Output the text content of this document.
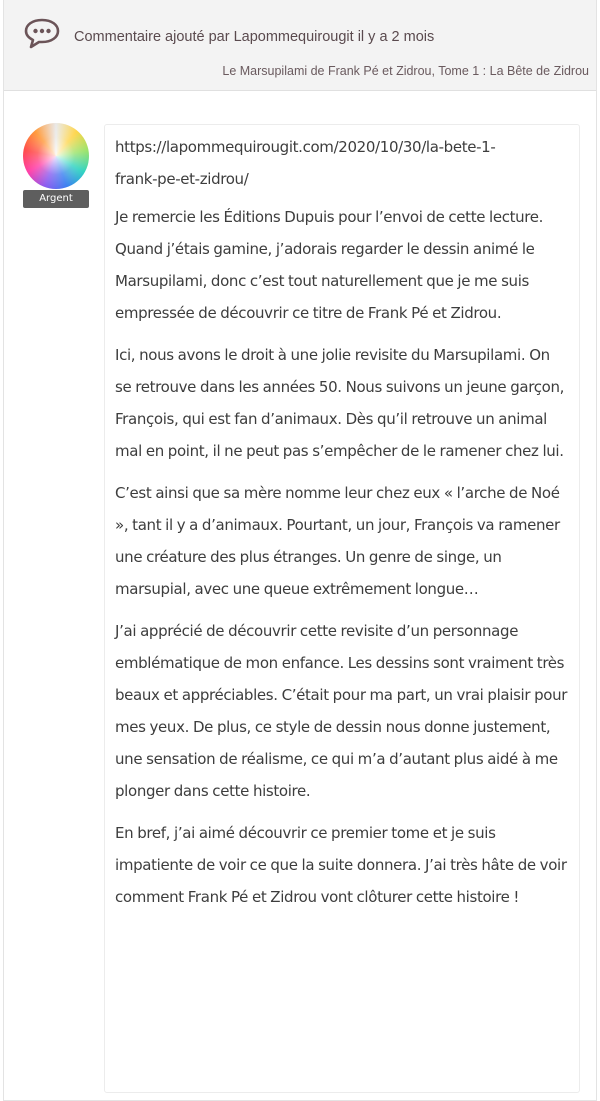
Commentaire ajouté par Lapommequirougit il y a 2 mois
Le Marsupilami de Frank Pé et Zidrou, Tome 1 : La Bête de Zidrou
Argent
https://lapommequirougit.com/2020/10/30/la-bete-1-
frank-pe-et-zidrou/

Je remercie les Éditions Dupuis pour l’envoi de cette lecture. Quand j’étais gamine, j’adorais regarder le dessin animé le Marsupilami, donc c’est tout naturellement que je me suis empressée de découvrir ce titre de Frank Pé et Zidrou.

Ici, nous avons le droit à une jolie revisite du Marsupilami. On se retrouve dans les années 50. Nous suivons un jeune garçon, François, qui est fan d’animaux. Dès qu’il retrouve un animal mal en point, il ne peut pas s’empêcher de le ramener chez lui.

C’est ainsi que sa mère nomme leur chez eux « l’arche de Noé », tant il y a d’animaux. Pourtant, un jour, François va ramener une créature des plus étranges. Un genre de singe, un marsupial, avec une queue extrêmement longue…

J’ai apprécié de découvrir cette revisite d’un personnage emblématique de mon enfance. Les dessins sont vraiment très beaux et appréciables. C’était pour ma part, un vrai plaisir pour mes yeux. De plus, ce style de dessin nous donne justement, une sensation de réalisme, ce qui m’a d’autant plus aidé à me plonger dans cette histoire.

En bref, j’ai aimé découvrir ce premier tome et je suis impatiente de voir ce que la suite donnera. J’ai très hâte de voir comment Frank Pé et Zidrou vont clôturer cette histoire !
